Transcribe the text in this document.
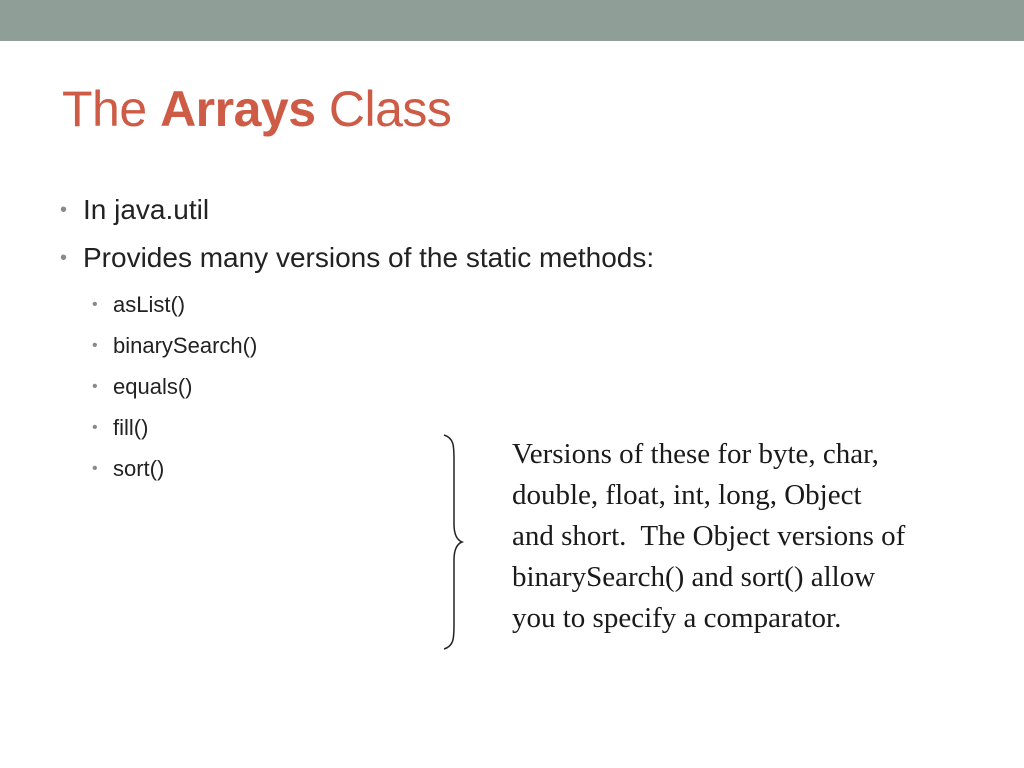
The Arrays Class
• In java.util
• Provides many versions of the static methods:
• asList()
• binarySearch()
• equals()
• fill()
• sort()	Versions of these for byte, char,
double, float, int, long, Object
and short.  The Object versions of
binarySearch() and sort() allow
you to specify a comparator.
